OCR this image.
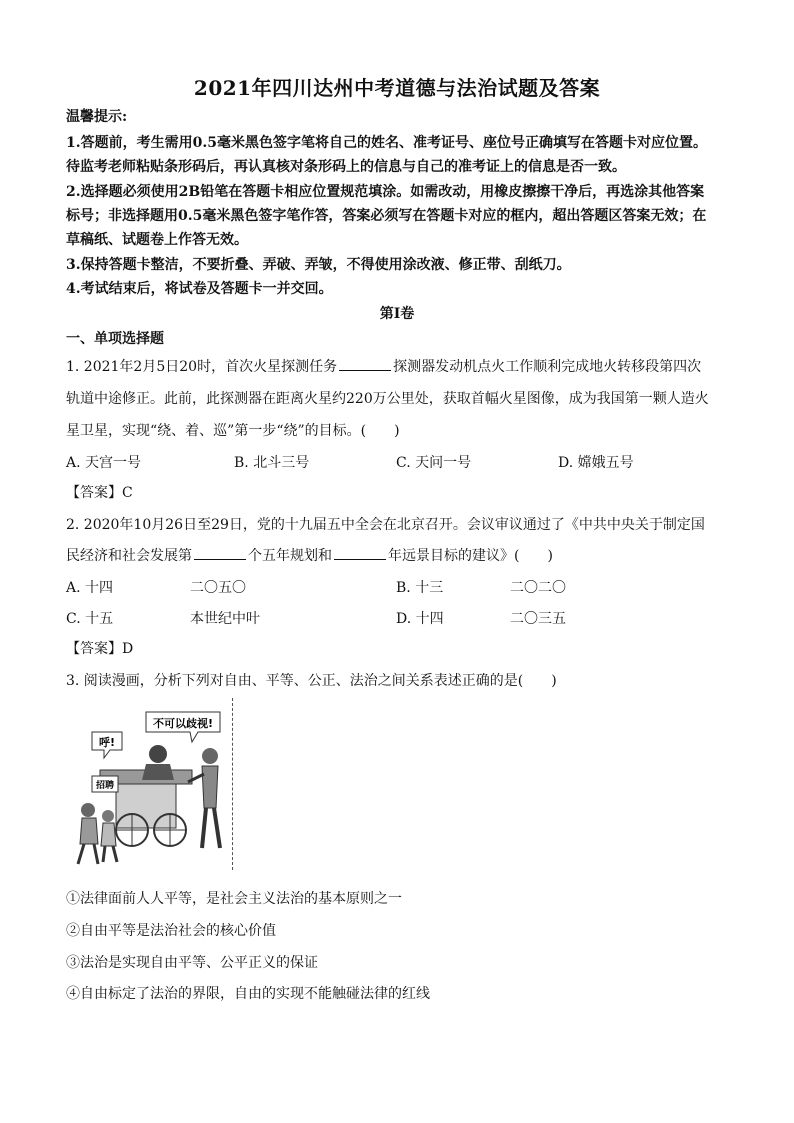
2021年四川达州中考道德与法治试题及答案
温馨提示:
1.答题前，考生需用0.5毫米黑色签字笔将自己的姓名、准考证号、座位号正确填写在答题卡对应位置。
待监考老师粘贴条形码后，再认真核对条形码上的信息与自己的准考证上的信息是否一致。
2.选择题必须使用2B铅笔在答题卡相应位置规范填涂。如需改动，用橡皮擦擦干净后，再选涂其他答案
标号；非选择题用0.5毫米黑色签字笔作答，答案必须写在答题卡对应的框内，超出答题区答案无效；在
草稿纸、试题卷上作答无效。
3.保持答题卡整洁，不要折叠、弄破、弄皱，不得使用涂改液、修正带、刮纸刀。
4.考试结束后，将试卷及答题卡一并交回。
第Ⅰ卷
一、单项选择题
1. 2021年2月5日20时，首次火星探测任务	探测器发动机点火工作顺利完成地火转移段第四次
轨道中途修正。此前，此探测器在距离火星约220万公里处，获取首幅火星图像，成为我国第一颗人造火
星卫星，实现“绕、着、巡”第一步“绕”的目标。(　　)
A. 天宫一号	B. 北斗三号	C. 天问一号	D. 嫦娥五号
【答案】C
2. 2020年10月26日至29日，党的十九届五中全会在北京召开。会议审议通过了《中共中央关于制定国
民经济和社会发展第	个五年规划和	年远景目标的建议》(　　)
A. 十四	二〇五〇	B. 十三	二〇二〇
C. 十五	本世纪中叶	D. 十四	二〇三五
【答案】D
3. 阅读漫画，分析下列对自由、平等、公正、法治之间关系表述正确的是(　　)
呼!
不可以歧视!
招聘
①法律面前人人平等，是社会主义法治的基本原则之一
②自由平等是法治社会的核心价值
③法治是实现自由平等、公平正义的保证
④自由标定了法治的界限，自由的实现不能触碰法律的红线
